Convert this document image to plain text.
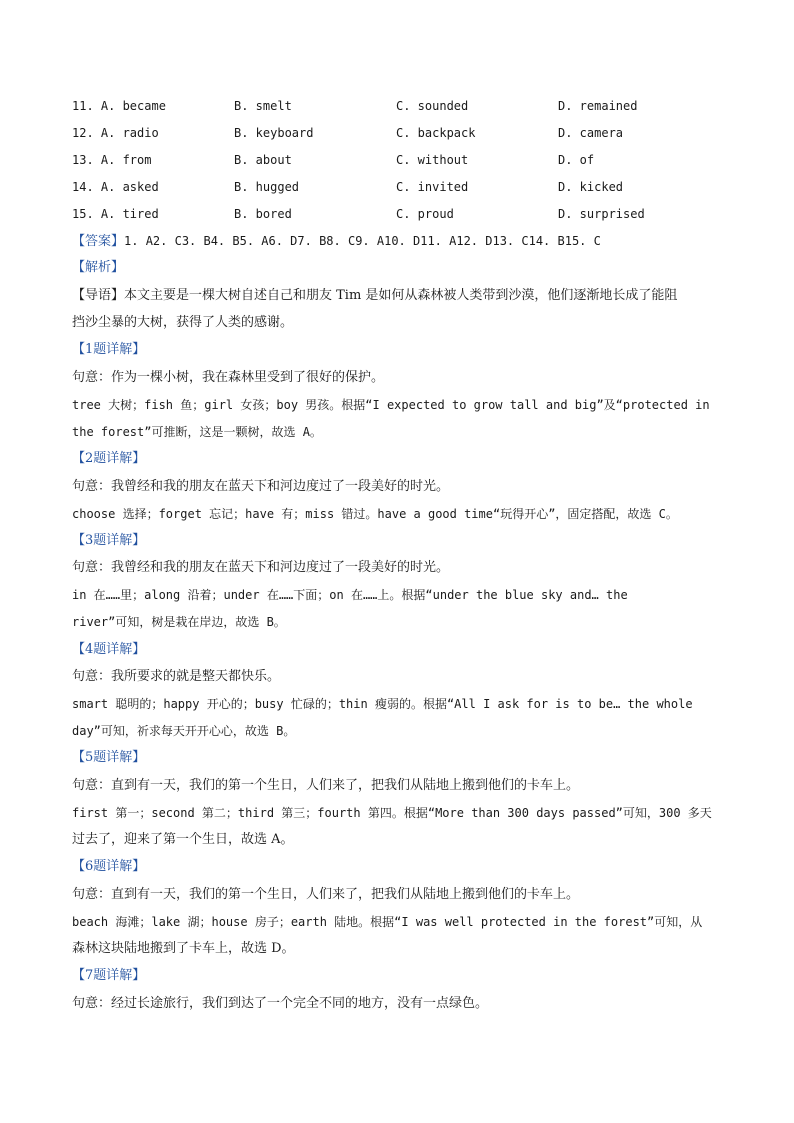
11. A. became	B. smelt	C. sounded	D. remained
12. A. radio	B. keyboard	C. backpack	D. camera
13. A. from	B. about	C. without	D. of
14. A. asked	B. hugged	C. invited	D. kicked
15. A. tired	B. bored	C. proud	D. surprised
【答案】1. A2. C3. B4. B5. A6. D7. B8. C9. A10. D11. A12. D13. C14. B15. C
【解析】
【导语】本文主要是一棵大树自述自己和朋友 Tim 是如何从森林被人类带到沙漠，他们逐渐地长成了能阻
挡沙尘暴的大树，获得了人类的感谢。
【1题详解】
句意：作为一棵小树，我在森林里受到了很好的保护。
tree 大树；fish 鱼；girl 女孩；boy 男孩。根据“I expected to grow tall and big”及“protected in
the forest”可推断，这是一颗树，故选 A。
【2题详解】
句意：我曾经和我的朋友在蓝天下和河边度过了一段美好的时光。
choose 选择；forget 忘记；have 有；miss 错过。have a good time“玩得开心”，固定搭配，故选 C。
【3题详解】
句意：我曾经和我的朋友在蓝天下和河边度过了一段美好的时光。
in 在……里；along 沿着；under 在……下面；on 在……上。根据“under the blue sky and… the
river”可知，树是栽在岸边，故选 B。
【4题详解】
句意：我所要求的就是整天都快乐。
smart 聪明的；happy 开心的；busy 忙碌的；thin 瘦弱的。根据“All I ask for is to be… the whole
day”可知，祈求每天开开心心，故选 B。
【5题详解】
句意：直到有一天，我们的第一个生日，人们来了，把我们从陆地上搬到他们的卡车上。
first 第一；second 第二；third 第三；fourth 第四。根据“More than 300 days passed”可知，300 多天
过去了，迎来了第一个生日，故选 A。
【6题详解】
句意：直到有一天，我们的第一个生日，人们来了，把我们从陆地上搬到他们的卡车上。
beach 海滩；lake 湖；house 房子；earth 陆地。根据“I was well protected in the forest”可知，从
森林这块陆地搬到了卡车上，故选 D。
【7题详解】
句意：经过长途旅行，我们到达了一个完全不同的地方，没有一点绿色。
